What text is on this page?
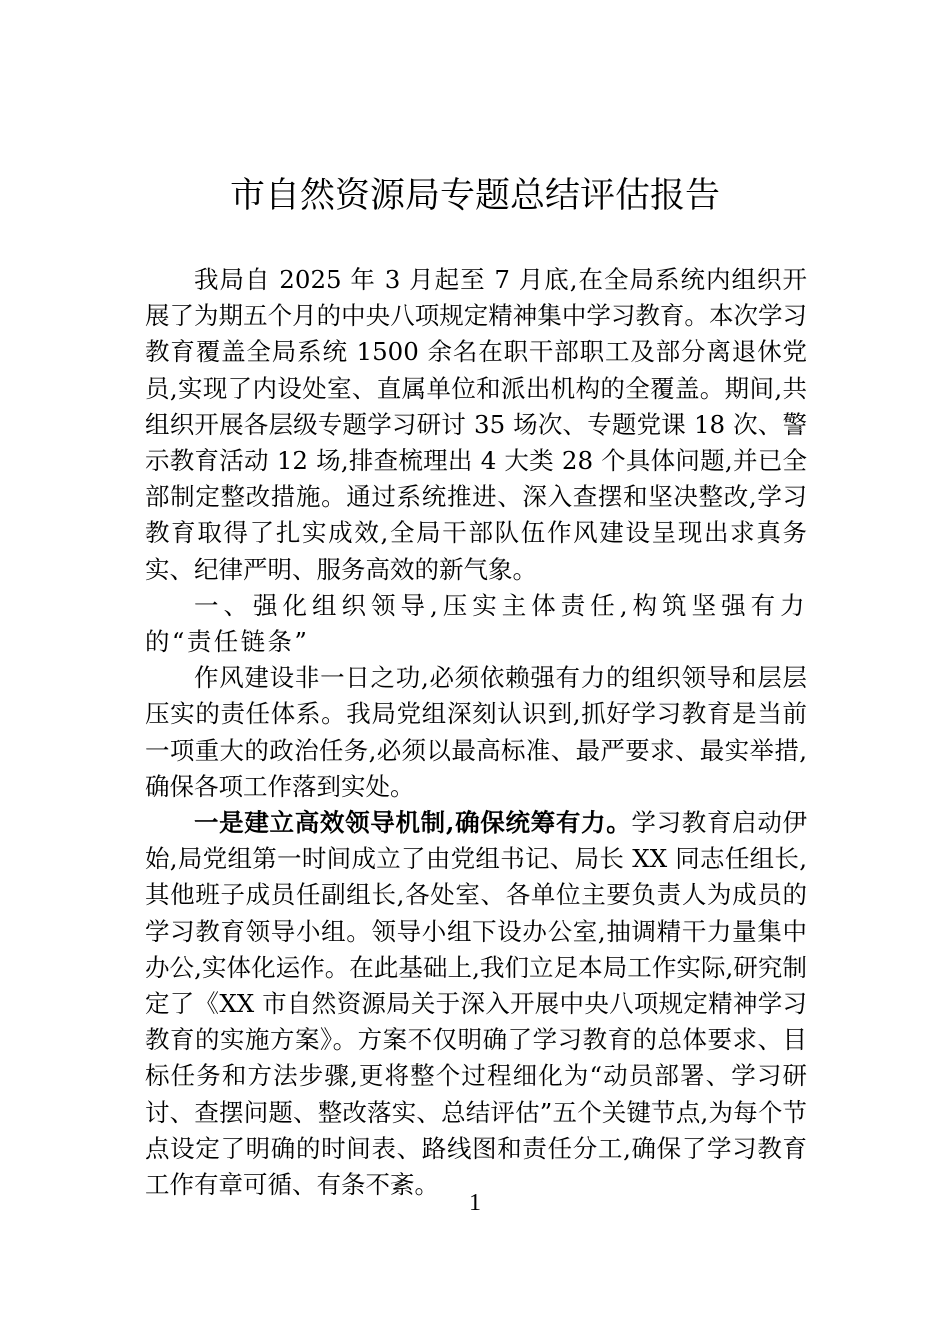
市自然资源局专题总结评估报告

我局自 2025 年 3 月起至 7 月底,在全局系统内组织开展了为期五个月的中央八项规定精神集中学习教育。本次学习教育覆盖全局系统 1500 余名在职干部职工及部分离退休党员,实现了内设处室、直属单位和派出机构的全覆盖。期间,共组织开展各层级专题学习研讨 35 场次、专题党课 18 次、警示教育活动 12 场,排查梳理出 4 大类 28 个具体问题,并已全部制定整改措施。通过系统推进、深入查摆和坚决整改,学习教育取得了扎实成效,全局干部队伍作风建设呈现出求真务实、纪律严明、服务高效的新气象。

一、强化组织领导,压实主体责任,构筑坚强有力的“责任链条”

作风建设非一日之功,必须依赖强有力的组织领导和层层压实的责任体系。我局党组深刻认识到,抓好学习教育是当前一项重大的政治任务,必须以最高标准、最严要求、最实举措,确保各项工作落到实处。

一是建立高效领导机制,确保统筹有力。学习教育启动伊始,局党组第一时间成立了由党组书记、局长 XX 同志任组长,其他班子成员任副组长,各处室、各单位主要负责人为成员的学习教育领导小组。领导小组下设办公室,抽调精干力量集中办公,实体化运作。在此基础上,我们立足本局工作实际,研究制定了《XX 市自然资源局关于深入开展中央八项规定精神学习教育的实施方案》。方案不仅明确了学习教育的总体要求、目标任务和方法步骤,更将整个过程细化为“动员部署、学习研讨、查摆问题、整改落实、总结评估”五个关键节点,为每个节点设定了明确的时间表、路线图和责任分工,确保了学习教育工作有章可循、有条不紊。

1
